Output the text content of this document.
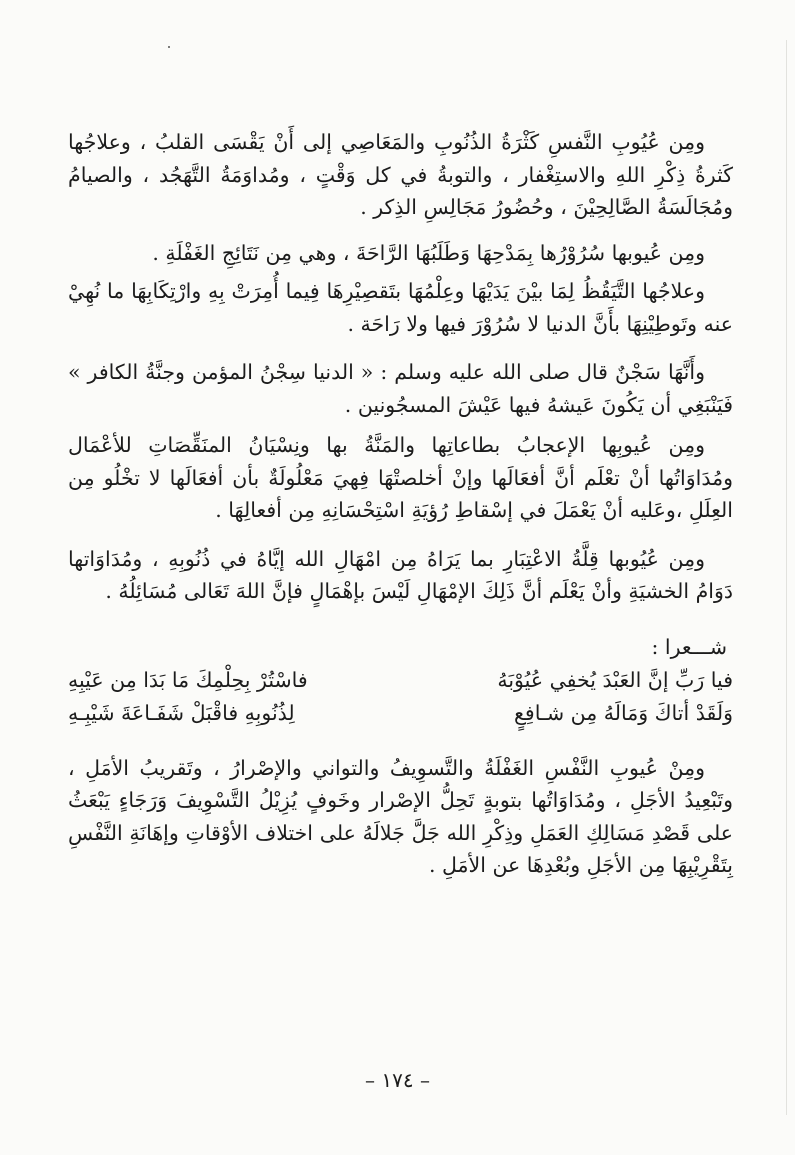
ومِن عُيُوبِ النَّفسِ كَثْرَةُ الذُنُوبِ والمَعَاصِي إلى أَنْ يَقْسَى القلبُ ، وعلاجُها كَثرةُ ذِكْرِ اللهِ والاستِغْفار ، والتوبةُ في كل وَقْتٍ ، ومُداوَمَةُ التَّهَجُد ، والصيامُ ومُجَالَسَةُ الصَّالِحِيْنَ ، وحُضُورُ مَجَالِسِ الذِكر .

ومِن عُيوبها سُرُوْرُها بِمَدْحِهَا وَطَلَبُهَا الرَّاحَةَ ، وهي مِن نَتَائِجِ الغَفْلَةِ .

وعلاجُها التَّيَقُظُ لِمَا بيْنَ يَدَيْهَا وعِلْمُهَا بتَقصِيْرِهَا فِيما أُمِرَتْ بِهِ وارْتِكَابِهَا ما نُهِيْ عنه وتَوطِيْنِهَا بأَنَّ الدنيا لا سُرُوْرَ فيها ولا رَاحَة .

وأَنَّهَا سَجْنٌ قال صلى الله عليه وسلم : « الدنيا سِجْنُ المؤمن وجنَّةُ الكافر » فَيَنْبَغِي أن يَكُونَ عَيشهُ فيها عَيْشَ المسجُونين .

ومِن عُيوبِها الإعجابُ بطاعاتِها والمَنَّةُ بها ونِسْيَانُ المنَقِّصَاتِ للأعْمَال ومُدَاوَاتُها أنْ تعْلَم أنَّ أفعَالَها وإنْ أخلصتْهَا فِهيَ مَعْلُولَةٌ بأن أفعَالَها لا تخْلُو مِن العِلَلِ ،وعَليه أنْ يَعْمَلَ في إسْقاطِ رُؤيَةِ اسْتِحْسَانِهِ مِن أفعالِهَا .

ومِن عُيُوبها قِلَّةُ الاعْتِبَارِ بما يَرَاهُ مِن امْهَالِ الله إيَّاهُ في ذُنُوبِهِ ، ومُدَاوَاتها دَوَامُ الخشيَةِ وأنْ يَعْلَم أنَّ ذَلِكَ الإمْهَالِ لَيْسَ بإهْمَالٍ فإنَّ اللهَ تَعَالى مُسَائِلُهُ .

شـــعرا :

فيا رَبِّ إنَّ العَبْدَ يُخفِي عُيُوْبَهُ
فاسْتُرْ بِحِلْمِكَ مَا بَدَا مِن عَيْبِهِ
وَلَقَدْ أتاكَ وَمَالَهُ مِن شـافِعٍ
لِذُنُوبِهِ فاقْبَلْ شَفَـاعَةَ شَيْبِـهِ

ومِنْ عُيوبِ النَّفْسِ الغَفْلَةُ والتَّسوِيفُ والتواني والإصْرارُ ، وتَقريبُ الأمَلِ ، وتَبْعِيدُ الأجَلِ ، ومُدَاوَاتُها بتوبةٍ تَحِلُّ الإصْرار وخَوفٍ يُزِيْلُ التَّسْوِيفَ وَرَجَاءٍ يَبْعَثُ على قَصْدِ مَسَالِكِ العَمَلِ وذِكْرِ الله جَلَّ جَلالَهُ على اختلاف الأوْقاتِ وإهَانَةِ النَّفْسِ بِتَقْرِيْبِهَا مِن الأجَلِ وبُعْدِهَا عن الأمَلِ .

– ١٧٤ –
